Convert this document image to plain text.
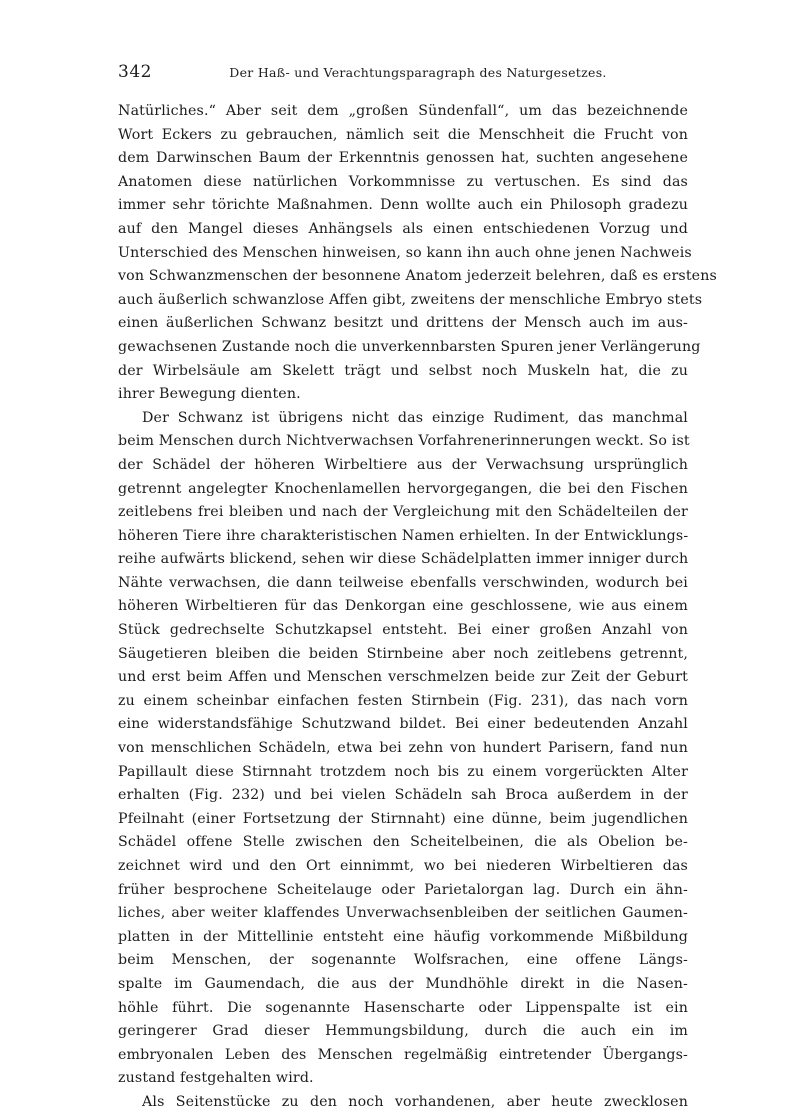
342	Der Haß- und Verachtungsparagraph des Naturgesetzes.
Natürliches.“ Aber seit dem „großen Sündenfall“, um das bezeichnende
Wort Eckers zu gebrauchen, nämlich seit die Menschheit die Frucht von
dem Darwinschen Baum der Erkenntnis genossen hat, suchten angesehene
Anatomen diese natürlichen Vorkommnisse zu vertuschen. Es sind das
immer sehr törichte Maßnahmen. Denn wollte auch ein Philosoph gradezu
auf den Mangel dieses Anhängsels als einen entschiedenen Vorzug und
Unterschied des Menschen hinweisen, so kann ihn auch ohne jenen Nachweis
von Schwanzmenschen der besonnene Anatom jederzeit belehren, daß es erstens
auch äußerlich schwanzlose Affen gibt, zweitens der menschliche Embryo stets
einen äußerlichen Schwanz besitzt und drittens der Mensch auch im aus-
gewachsenen Zustande noch die unverkennbarsten Spuren jener Verlängerung
der Wirbelsäule am Skelett trägt und selbst noch Muskeln hat, die zu
ihrer Bewegung dienten.
Der Schwanz ist übrigens nicht das einzige Rudiment, das manchmal
beim Menschen durch Nichtverwachsen Vorfahrenerinnerungen weckt. So ist
der Schädel der höheren Wirbeltiere aus der Verwachsung ursprünglich
getrennt angelegter Knochenlamellen hervorgegangen, die bei den Fischen
zeitlebens frei bleiben und nach der Vergleichung mit den Schädelteilen der
höheren Tiere ihre charakteristischen Namen erhielten. In der Entwicklungs-
reihe aufwärts blickend, sehen wir diese Schädelplatten immer inniger durch
Nähte verwachsen, die dann teilweise ebenfalls verschwinden, wodurch bei
höheren Wirbeltieren für das Denkorgan eine geschlossene, wie aus einem
Stück gedrechselte Schutzkapsel entsteht. Bei einer großen Anzahl von
Säugetieren bleiben die beiden Stirnbeine aber noch zeitlebens getrennt,
und erst beim Affen und Menschen verschmelzen beide zur Zeit der Geburt
zu einem scheinbar einfachen festen Stirnbein (Fig. 231), das nach vorn
eine widerstandsfähige Schutzwand bildet. Bei einer bedeutenden Anzahl
von menschlichen Schädeln, etwa bei zehn von hundert Parisern, fand nun
Papillault diese Stirnnaht trotzdem noch bis zu einem vorgerückten Alter
erhalten (Fig. 232) und bei vielen Schädeln sah Broca außerdem in der
Pfeilnaht (einer Fortsetzung der Stirnnaht) eine dünne, beim jugendlichen
Schädel offene Stelle zwischen den Scheitelbeinen, die als Obelion be-
zeichnet wird und den Ort einnimmt, wo bei niederen Wirbeltieren das
früher besprochene Scheitelauge oder Parietalorgan lag. Durch ein ähn-
liches, aber weiter klaffendes Unverwachsenbleiben der seitlichen Gaumen-
platten in der Mittellinie entsteht eine häufig vorkommende Mißbildung
beim Menschen, der sogenannte Wolfsrachen, eine offene Längs-
spalte im Gaumendach, die aus der Mundhöhle direkt in die Nasen-
höhle führt. Die sogenannte Hasenscharte oder Lippenspalte ist ein
geringerer Grad dieser Hemmungsbildung, durch die auch ein im
embryonalen Leben des Menschen regelmäßig eintretender Übergangs-
zustand festgehalten wird.
Als Seitenstücke zu den noch vorhandenen, aber heute zwecklosen
